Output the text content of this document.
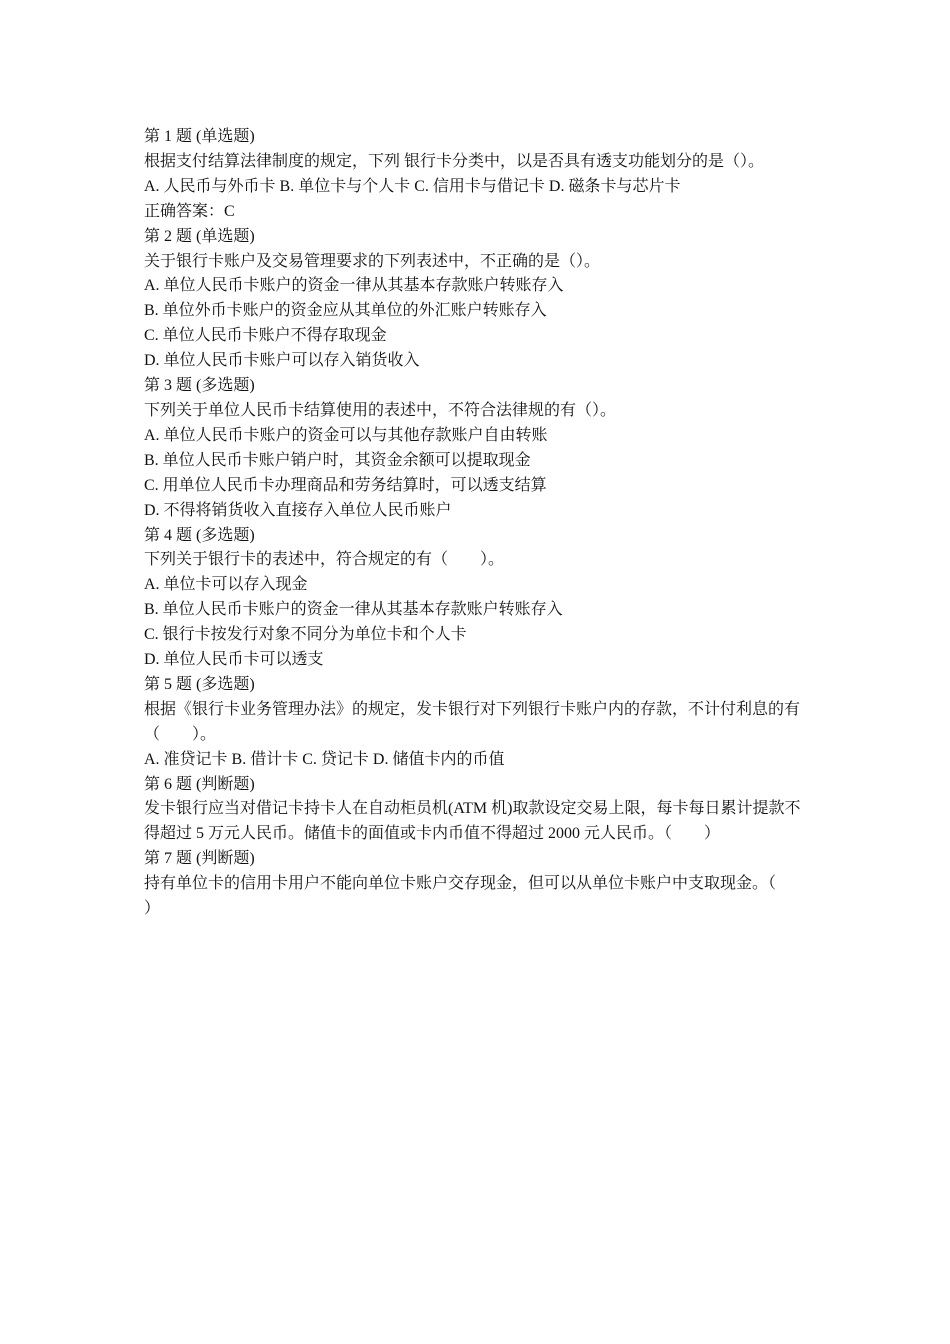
第 1 题 (单选题)
根据支付结算法律制度的规定，下列 银行卡分类中，以是否具有透支功能划分的是（）。
A. 人民币与外币卡 B. 单位卡与个人卡 C. 信用卡与借记卡 D. 磁条卡与芯片卡
正确答案：C
第 2 题 (单选题)
关于银行卡账户及交易管理要求的下列表述中，不正确的是（）。
A. 单位人民币卡账户的资金一律从其基本存款账户转账存入
B. 单位外币卡账户的资金应从其单位的外汇账户转账存入
C. 单位人民币卡账户不得存取现金
D. 单位人民币卡账户可以存入销货收入
第 3 题 (多选题)
下列关于单位人民币卡结算使用的表述中，不符合法律规的有（）。
A. 单位人民币卡账户的资金可以与其他存款账户自由转账
B. 单位人民币卡账户销户时，其资金余额可以提取现金
C. 用单位人民币卡办理商品和劳务结算时，可以透支结算
D. 不得将销货收入直接存入单位人民币账户
第 4 题 (多选题)
下列关于银行卡的表述中，符合规定的有（　　）。
A. 单位卡可以存入现金
B. 单位人民币卡账户的资金一律从其基本存款账户转账存入
C. 银行卡按发行对象不同分为单位卡和个人卡
D. 单位人民币卡可以透支
第 5 题 (多选题)
根据《银行卡业务管理办法》的规定，发卡银行对下列银行卡账户内的存款，不计付利息的有（　　）。
A. 准贷记卡 B. 借计卡 C. 贷记卡 D. 储值卡内的币值
第 6 题 (判断题)
发卡银行应当对借记卡持卡人在自动柜员机(ATM 机)取款设定交易上限，每卡每日累计提款不得超过 5 万元人民币。储值卡的面值或卡内币值不得超过 2000 元人民币。（　　）
第 7 题 (判断题)
持有单位卡的信用卡用户不能向单位卡账户交存现金，但可以从单位卡账户中支取现金。（　　）
